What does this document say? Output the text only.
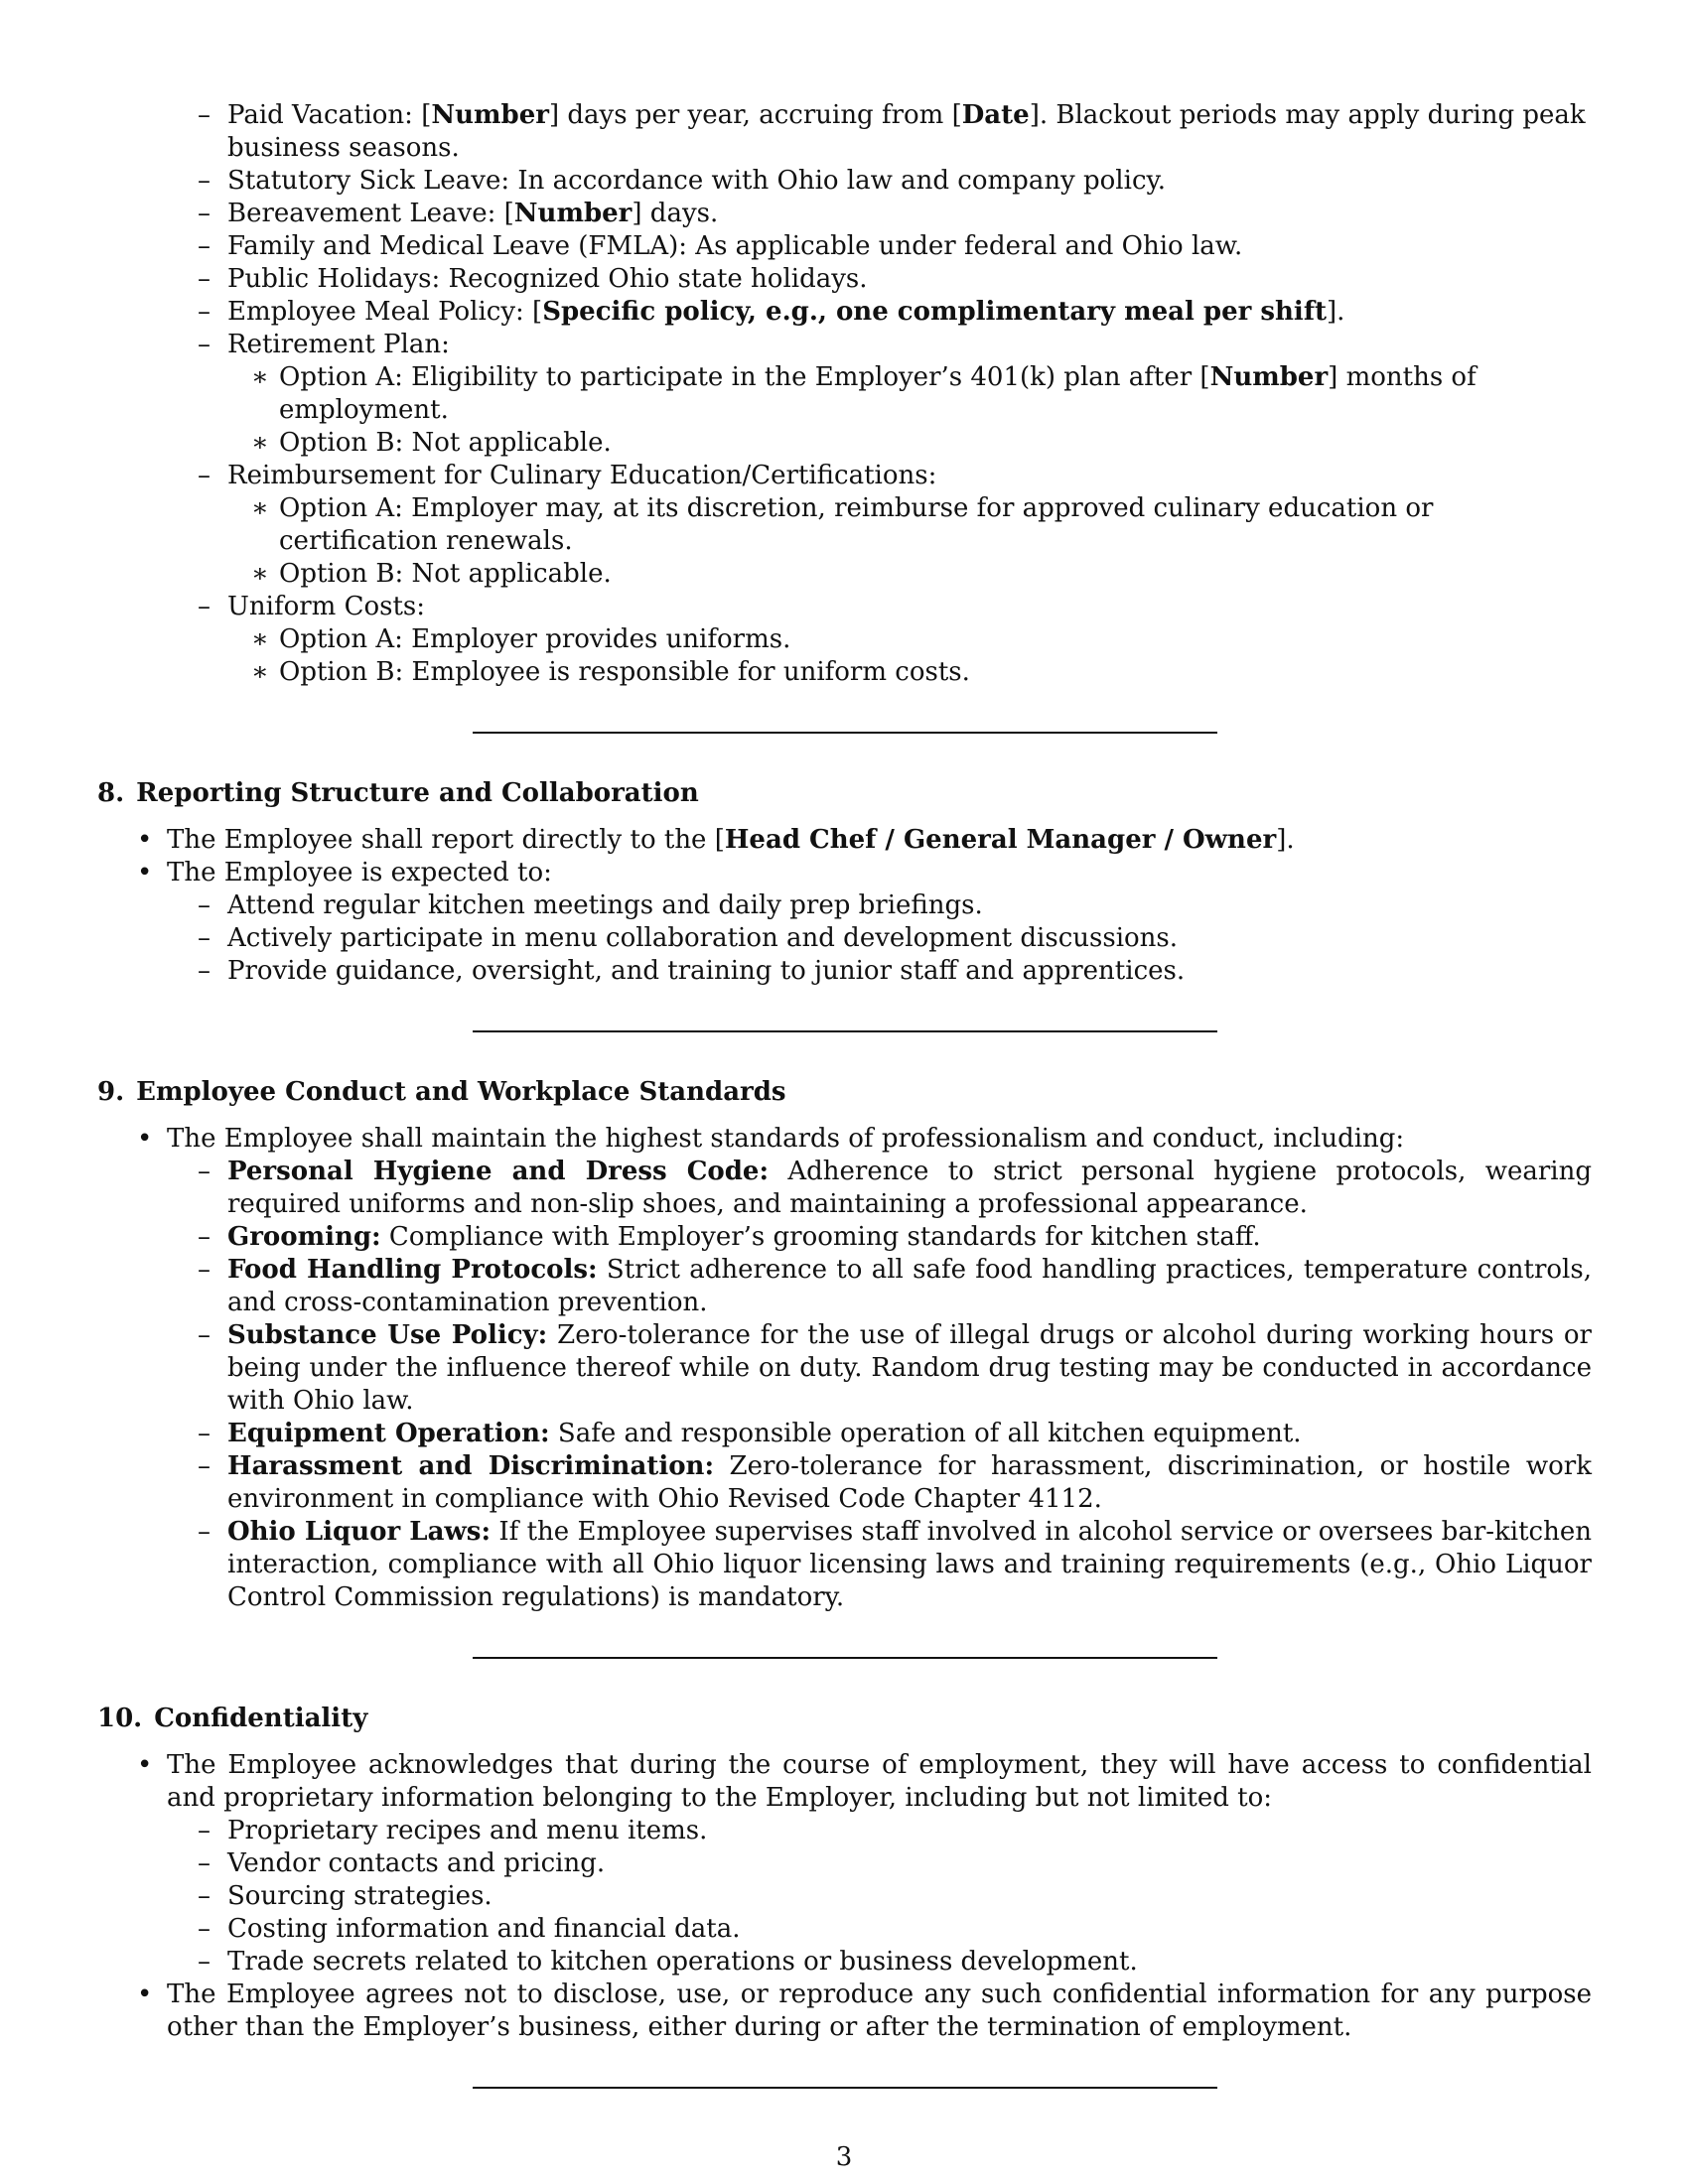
– Paid Vacation: [Number] days per year, accruing from [Date]. Blackout periods may apply during peak business seasons.
– Statutory Sick Leave: In accordance with Ohio law and company policy.
– Bereavement Leave: [Number] days.
– Family and Medical Leave (FMLA): As applicable under federal and Ohio law.
– Public Holidays: Recognized Ohio state holidays.
– Employee Meal Policy: [Specific policy, e.g., one complimentary meal per shift].
– Retirement Plan:
∗ Option A: Eligibility to participate in the Employer’s 401(k) plan after [Number] months of employment.
∗ Option B: Not applicable.
– Reimbursement for Culinary Education/Certifications:
∗ Option A: Employer may, at its discretion, reimburse for approved culinary education or certification renewals.
∗ Option B: Not applicable.
– Uniform Costs:
∗ Option A: Employer provides uniforms.
∗ Option B: Employee is responsible for uniform costs.
8. Reporting Structure and Collaboration
• The Employee shall report directly to the [Head Chef / General Manager / Owner].
• The Employee is expected to:
– Attend regular kitchen meetings and daily prep briefings.
– Actively participate in menu collaboration and development discussions.
– Provide guidance, oversight, and training to junior staff and apprentices.
9. Employee Conduct and Workplace Standards
• The Employee shall maintain the highest standards of professionalism and conduct, including:
– Personal Hygiene and Dress Code: Adherence to strict personal hygiene protocols, wearing required uniforms and non-slip shoes, and maintaining a professional appearance.
– Grooming: Compliance with Employer’s grooming standards for kitchen staff.
– Food Handling Protocols: Strict adherence to all safe food handling practices, temperature controls, and cross-contamination prevention.
– Substance Use Policy: Zero-tolerance for the use of illegal drugs or alcohol during working hours or being under the influence thereof while on duty. Random drug testing may be conducted in accordance with Ohio law.
– Equipment Operation: Safe and responsible operation of all kitchen equipment.
– Harassment and Discrimination: Zero-tolerance for harassment, discrimination, or hostile work environment in compliance with Ohio Revised Code Chapter 4112.
– Ohio Liquor Laws: If the Employee supervises staff involved in alcohol service or oversees bar-kitchen interaction, compliance with all Ohio liquor licensing laws and training requirements (e.g., Ohio Liquor Control Commission regulations) is mandatory.
10. Confidentiality
• The Employee acknowledges that during the course of employment, they will have access to confidential and proprietary information belonging to the Employer, including but not limited to:
– Proprietary recipes and menu items.
– Vendor contacts and pricing.
– Sourcing strategies.
– Costing information and financial data.
– Trade secrets related to kitchen operations or business development.
• The Employee agrees not to disclose, use, or reproduce any such confidential information for any purpose other than the Employer’s business, either during or after the termination of employment.
3
